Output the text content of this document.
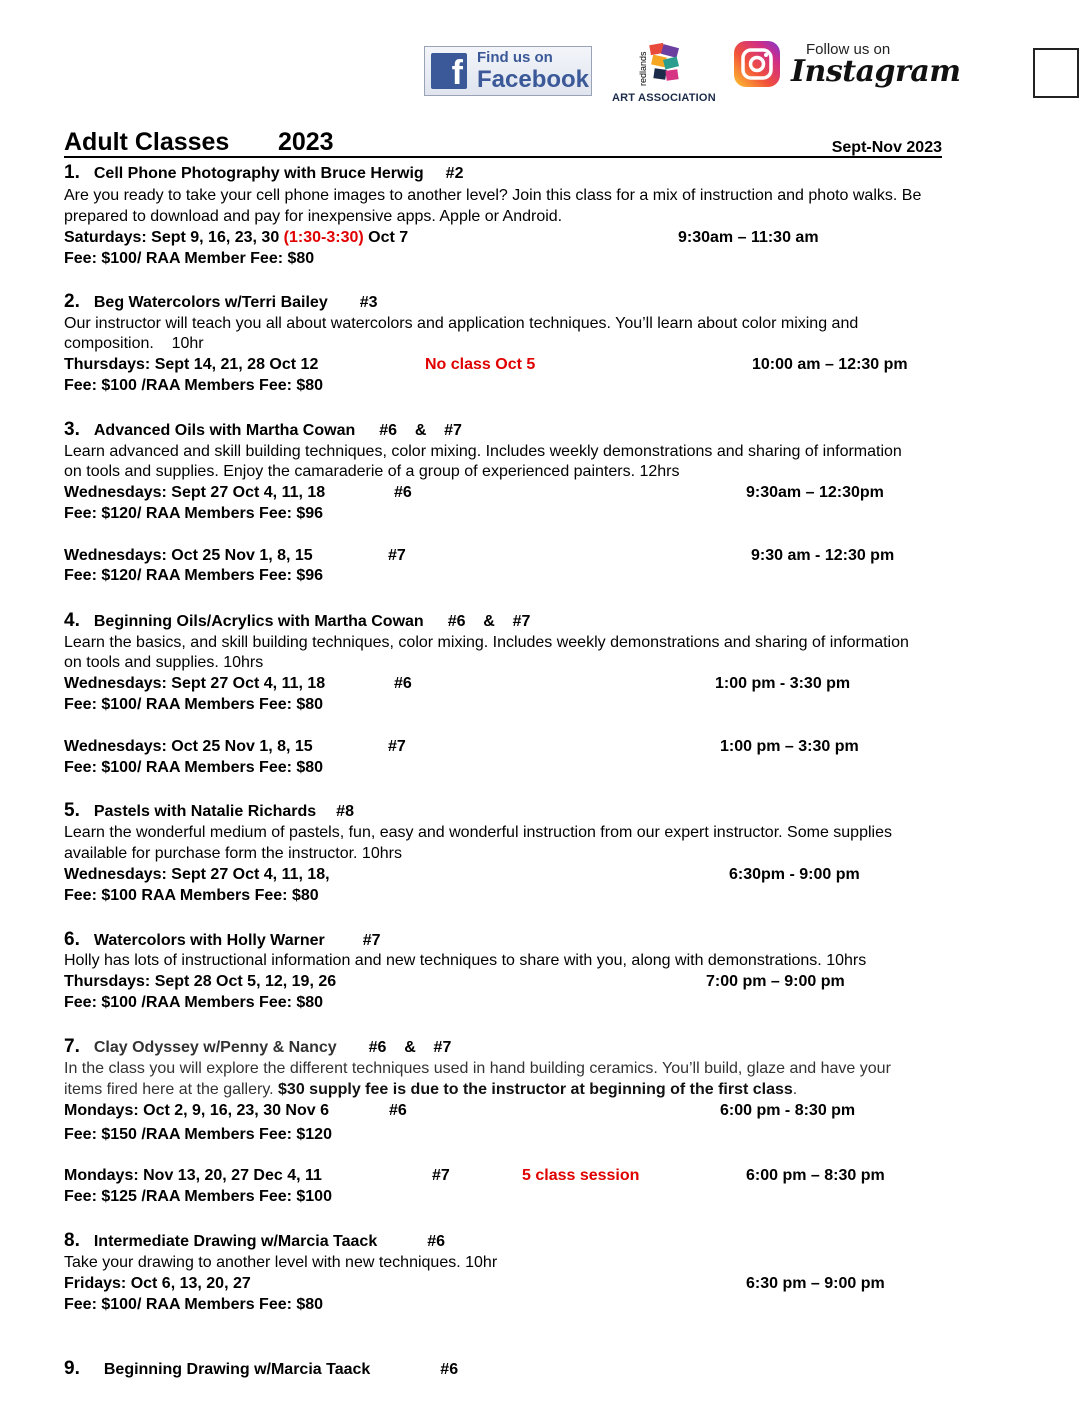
f Find us on
Facebook	redlands
ART ASSOCIATION
Follow us on
Instagram
Adult Classes 2023	Sept-Nov 2023
1. Cell Phone Photography with Bruce Herwig #2
Are you ready to take your cell phone images to another level? Join this class for a mix of instruction and photo walks. Be
prepared to download and pay for inexpensive apps. Apple or Android.
Saturdays: Sept 9, 16, 23, 30 (1:30-3:30) Oct 7	9:30am – 11:30 am
Fee: $100/ RAA Member Fee: $80
2. Beg Watercolors w/Terri Bailey #3
Our instructor will teach you all about watercolors and application techniques. You’ll learn about color mixing and
composition.    10hr
Thursdays: Sept 14, 21, 28 Oct 12	No class Oct 5	10:00 am – 12:30 pm
Fee: $100 /RAA Members Fee: $80
3. Advanced Oils with Martha Cowan #6    &    #7
Learn advanced and skill building techniques, color mixing. Includes weekly demonstrations and sharing of information
on tools and supplies. Enjoy the camaraderie of a group of experienced painters. 12hrs
Wednesdays: Sept 27 Oct 4, 11, 18	#6	9:30am – 12:30pm
Fee: $120/ RAA Members Fee: $96
Wednesdays: Oct 25 Nov 1, 8, 15	#7	9:30 am - 12:30 pm
Fee: $120/ RAA Members Fee: $96
4. Beginning Oils/Acrylics with Martha Cowan #6    &    #7
Learn the basics, and skill building techniques, color mixing. Includes weekly demonstrations and sharing of information
on tools and supplies. 10hrs
Wednesdays: Sept 27 Oct 4, 11, 18	#6	1:00 pm - 3:30 pm
Fee: $100/ RAA Members Fee: $80
Wednesdays: Oct 25 Nov 1, 8, 15	#7	1:00 pm – 3:30 pm
Fee: $100/ RAA Members Fee: $80
5. Pastels with Natalie Richards #8
Learn the wonderful medium of pastels, fun, easy and wonderful instruction from our expert instructor. Some supplies
available for purchase form the instructor. 10hrs
Wednesdays: Sept 27 Oct 4, 11, 18,	6:30pm - 9:00 pm
Fee: $100 RAA Members Fee: $80
6. Watercolors with Holly Warner #7
Holly has lots of instructional information and new techniques to share with you, along with demonstrations. 10hrs
Thursdays: Sept 28 Oct 5, 12, 19, 26	7:00 pm – 9:00 pm
Fee: $100 /RAA Members Fee: $80
7. Clay Odyssey w/Penny & Nancy #6    &    #7
In the class you will explore the different techniques used in hand building ceramics. You’ll build, glaze and have your
items fired here at the gallery. $30 supply fee is due to the instructor at beginning of the first class.
Mondays: Oct 2, 9, 16, 23, 30 Nov 6	#6	6:00 pm - 8:30 pm
Fee: $150 /RAA Members Fee: $120
Mondays: Nov 13, 20, 27 Dec 4, 11	#7	5 class session	6:00 pm – 8:30 pm
Fee: $125 /RAA Members Fee: $100
8. Intermediate Drawing w/Marcia Taack	#6
Take your drawing to another level with new techniques. 10hr
Fridays: Oct 6, 13, 20, 27	6:30 pm – 9:00 pm
Fee: $100/ RAA Members Fee: $80
9. Beginning Drawing w/Marcia Taack	#6
